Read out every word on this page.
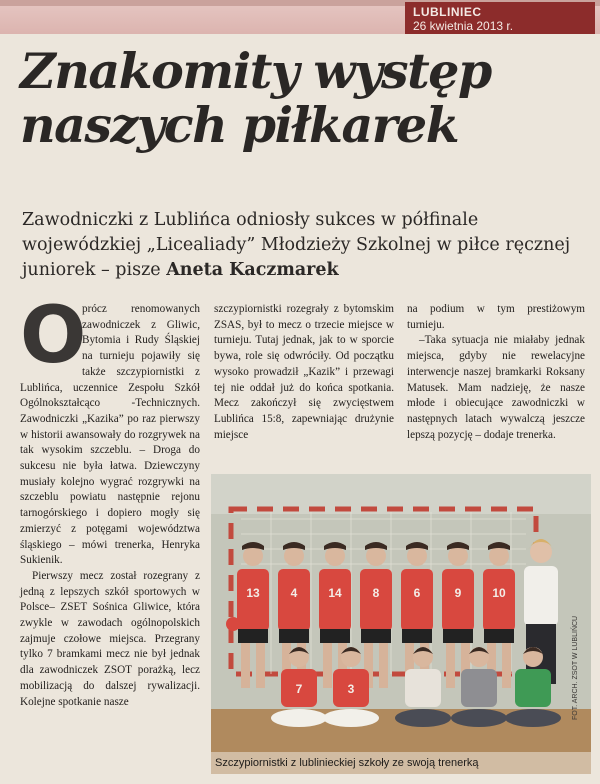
LUBLINIEC
26 kwietnia 2013 r.
Znakomity występ
naszych piłkarek
Zawodniczki z Lublińca odniosły sukces w półfinale wojewódzkiej „Licealiady” Młodzieży Szkolnej w piłce ręcznej juniorek – pisze Aneta Kaczmarek
O

prócz renomowanych zawodniczek z Gliwic, Bytomia i Rudy Śląskiej na turnieju pojawiły się także szczypiornistki z Lublińca, uczennice Zespołu Szkół Ogólnokształcąco -Technicznych. Zawodniczki „Kazika” po raz pierwszy w historii awansowały do rozgrywek na tak wysokim szczeblu. – Droga do sukcesu nie była łatwa. Dziewczyny musiały kolejno wygrać rozgrywki na szczeblu powiatu następnie rejonu tarnogórskiego i dopiero mogły się zmierzyć z potęgami województwa śląskiego – mówi trenerka, Henryka Sukienik.

Pierwszy mecz został rozegrany z jedną z lepszych szkół sportowych w Polsce– ZSET Sośnica Gliwice, która zwykle w zawodach ogólnopolskich zajmuje czołowe miejsca. Przegrany tylko 7 bramkami mecz nie był jednak dla zawodniczek ZSOT porażką, lecz mobilizacją do dalszej rywalizacji. Kolejne spotkanie nasze

szczypiornistki rozegrały z bytomskim ZSAS, był to mecz o trzecie miejsce w turnieju. Tutaj jednak, jak to w sporcie bywa, role się odwróciły. Od początku wysoko prowadził „Kazik” i przewagi tej nie oddał już do końca spotkania. Mecz zakończył się zwycięstwem Lublińca 15:8, zapewniając drużynie miejsce

na podium w tym prestiżowym turnieju.

–Taka sytuacja nie miałaby jednak miejsca, gdyby nie rewelacyjne interwencje naszej bramkarki Roksany Matusek. Mam nadzieję, że nasze młode i obiecujące zawodniczki w następnych latach wywalczą jeszcze lepszą pozycję – dodaje trenerka.

13	4	14	8	6	9	10
7	3
Szczypiornistki z lublinieckiej szkoły ze swoją trenerką
